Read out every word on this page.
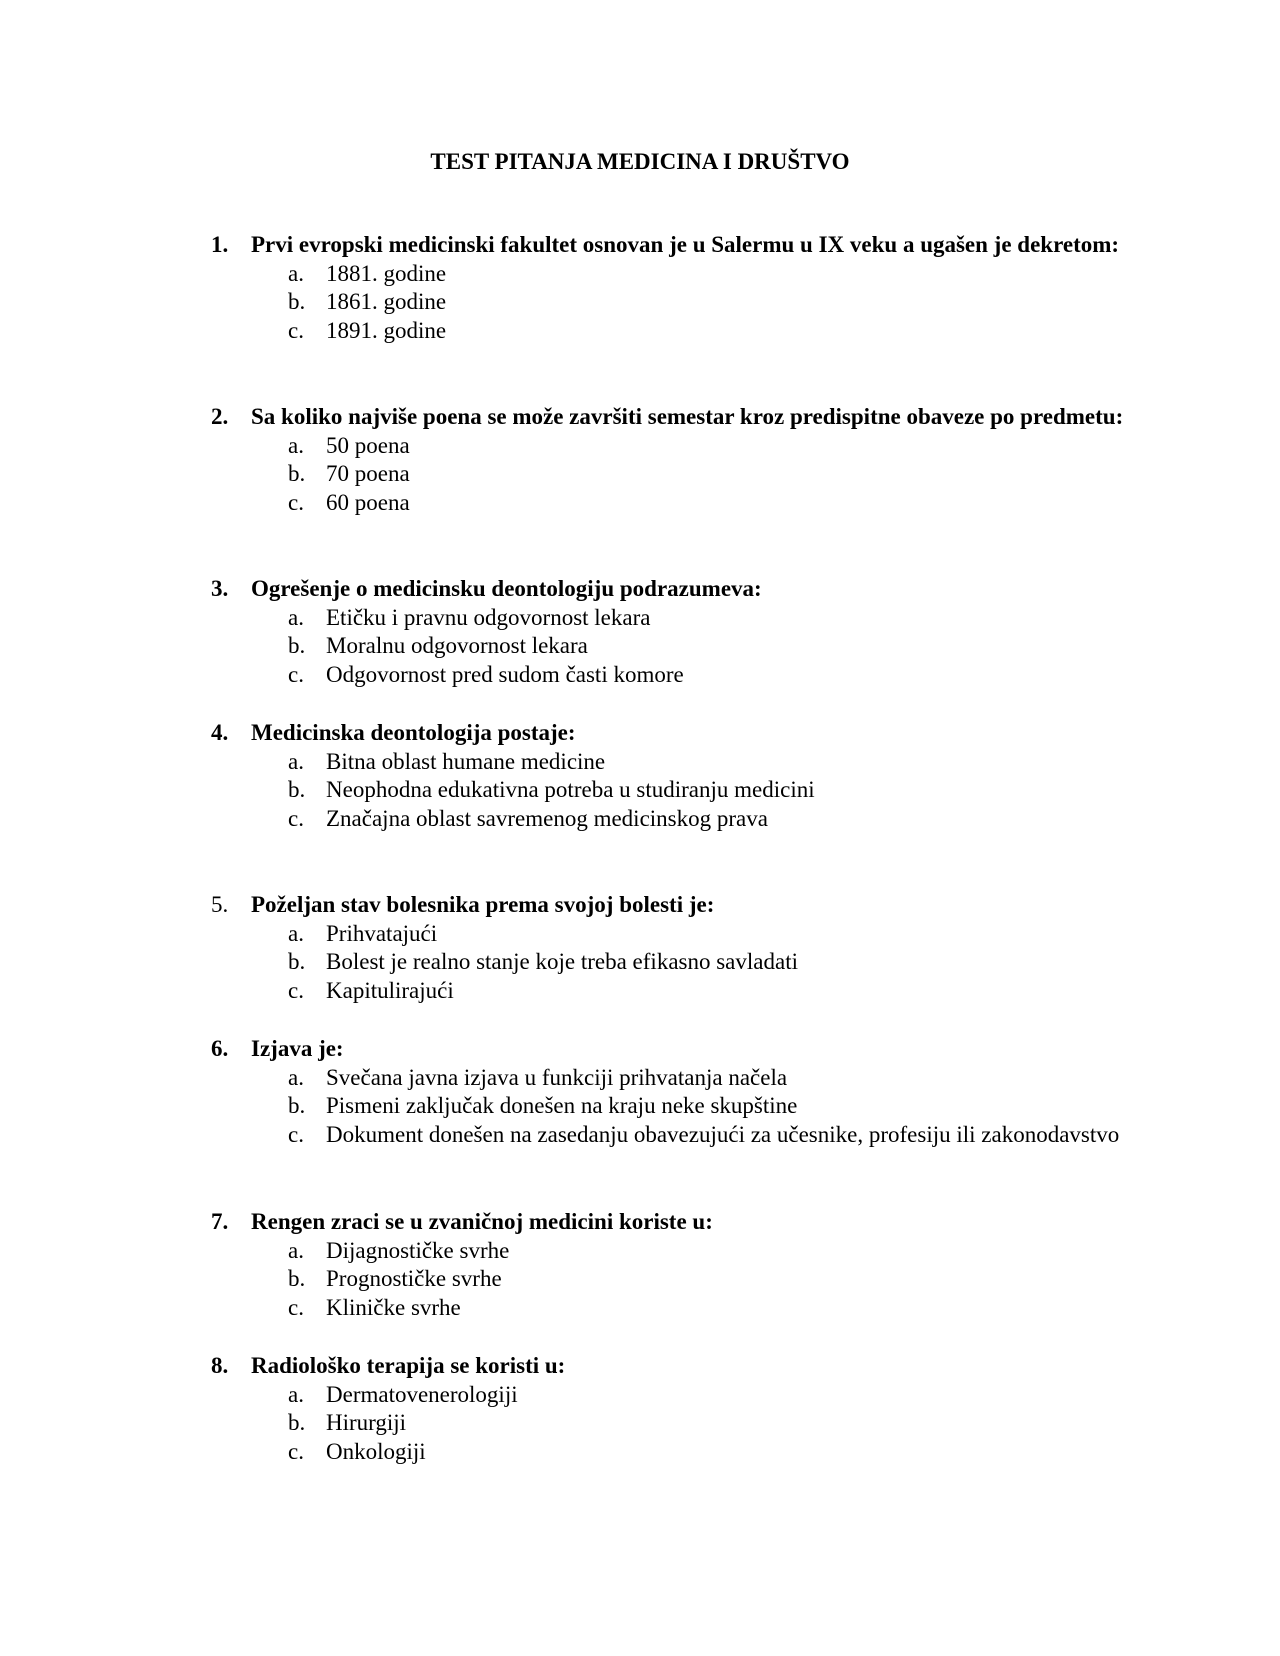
TEST PITANJA MEDICINA I DRUŠTVO
1. Prvi evropski medicinski fakultet osnovan je u Salermu u IX veku a ugašen je dekretom:
a. 1881. godine
b. 1861. godine
c. 1891. godine
2. Sa koliko najviše poena se može završiti semestar kroz predispitne obaveze po predmetu:
a. 50 poena
b. 70 poena
c. 60 poena
3. Ogrešenje o medicinsku deontologiju podrazumeva:
a. Etičku i pravnu odgovornost lekara
b. Moralnu odgovornost lekara
c. Odgovornost pred sudom časti komore
4. Medicinska deontologija postaje:
a. Bitna oblast humane medicine
b. Neophodna edukativna potreba u studiranju medicini
c. Značajna oblast savremenog medicinskog prava
5. Poželjan stav bolesnika prema svojoj bolesti je:
a. Prihvatajući
b. Bolest je realno stanje koje treba efikasno savladati
c. Kapitulirajući
6. Izjava je:
a. Svečana javna izjava u funkciji prihvatanja načela
b. Pismeni zaključak donešen na kraju neke skupštine
c. Dokument donešen na zasedanju obavezujući za učesnike, profesiju ili zakonodavstvo
7. Rengen zraci se u zvaničnoj medicini koriste u:
a. Dijagnostičke svrhe
b. Prognostičke svrhe
c. Kliničke svrhe
8. Radiološko terapija se koristi u:
a. Dermatovenerologiji
b. Hirurgiji
c. Onkologiji
